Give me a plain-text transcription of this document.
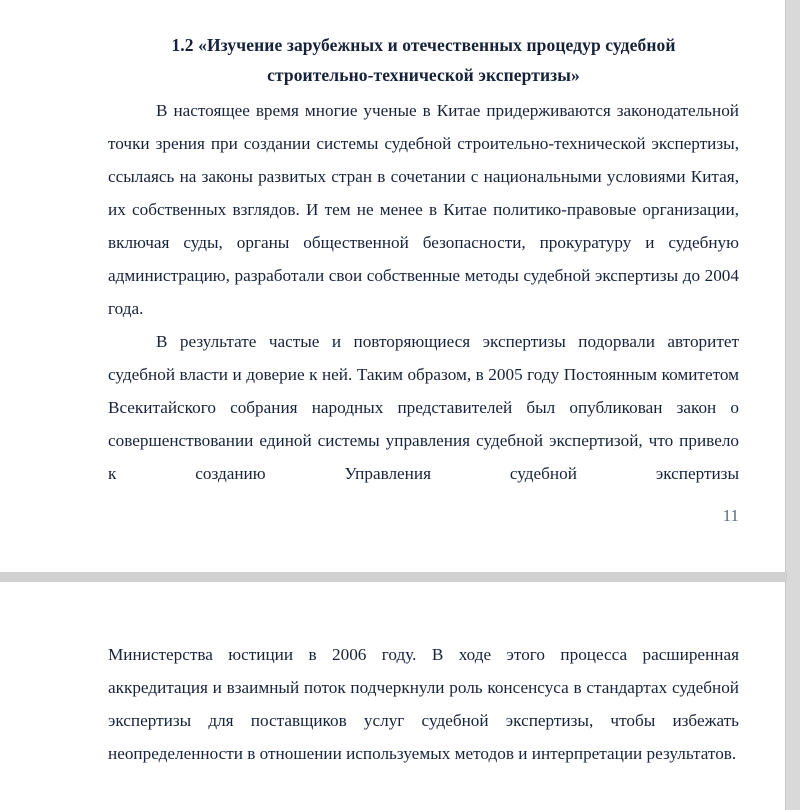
1.2 «Изучение зарубежных и отечественных процедур судебной
строительно-технической экспертизы»

В настоящее время многие ученые в Китае придерживаются законодательной точки зрения при создании системы судебной строительно-технической экспертизы, ссылаясь на законы развитых стран в сочетании с национальными условиями Китая, их собственных взглядов. И тем не менее в Китае политико-правовые организации, включая суды, органы общественной безопасности, прокуратуру и судебную администрацию, разработали свои собственные методы судебной экспертизы до 2004 года.

В результате частые и повторяющиеся экспертизы подорвали авторитет судебной власти и доверие к ней. Таким образом, в 2005 году Постоянным комитетом Всекитайского собрания народных представителей был опубликован закон о совершенствовании единой системы управления судебной экспертизой, что привело к созданию Управления судебной экспертизы

11

Министерства юстиции в 2006 году. В ходе этого процесса расширенная аккредитация и взаимный поток подчеркнули роль консенсуса в стандартах судебной экспертизы для поставщиков услуг судебной экспертизы, чтобы избежать неопределенности в отношении используемых методов и интерпретации результатов.
